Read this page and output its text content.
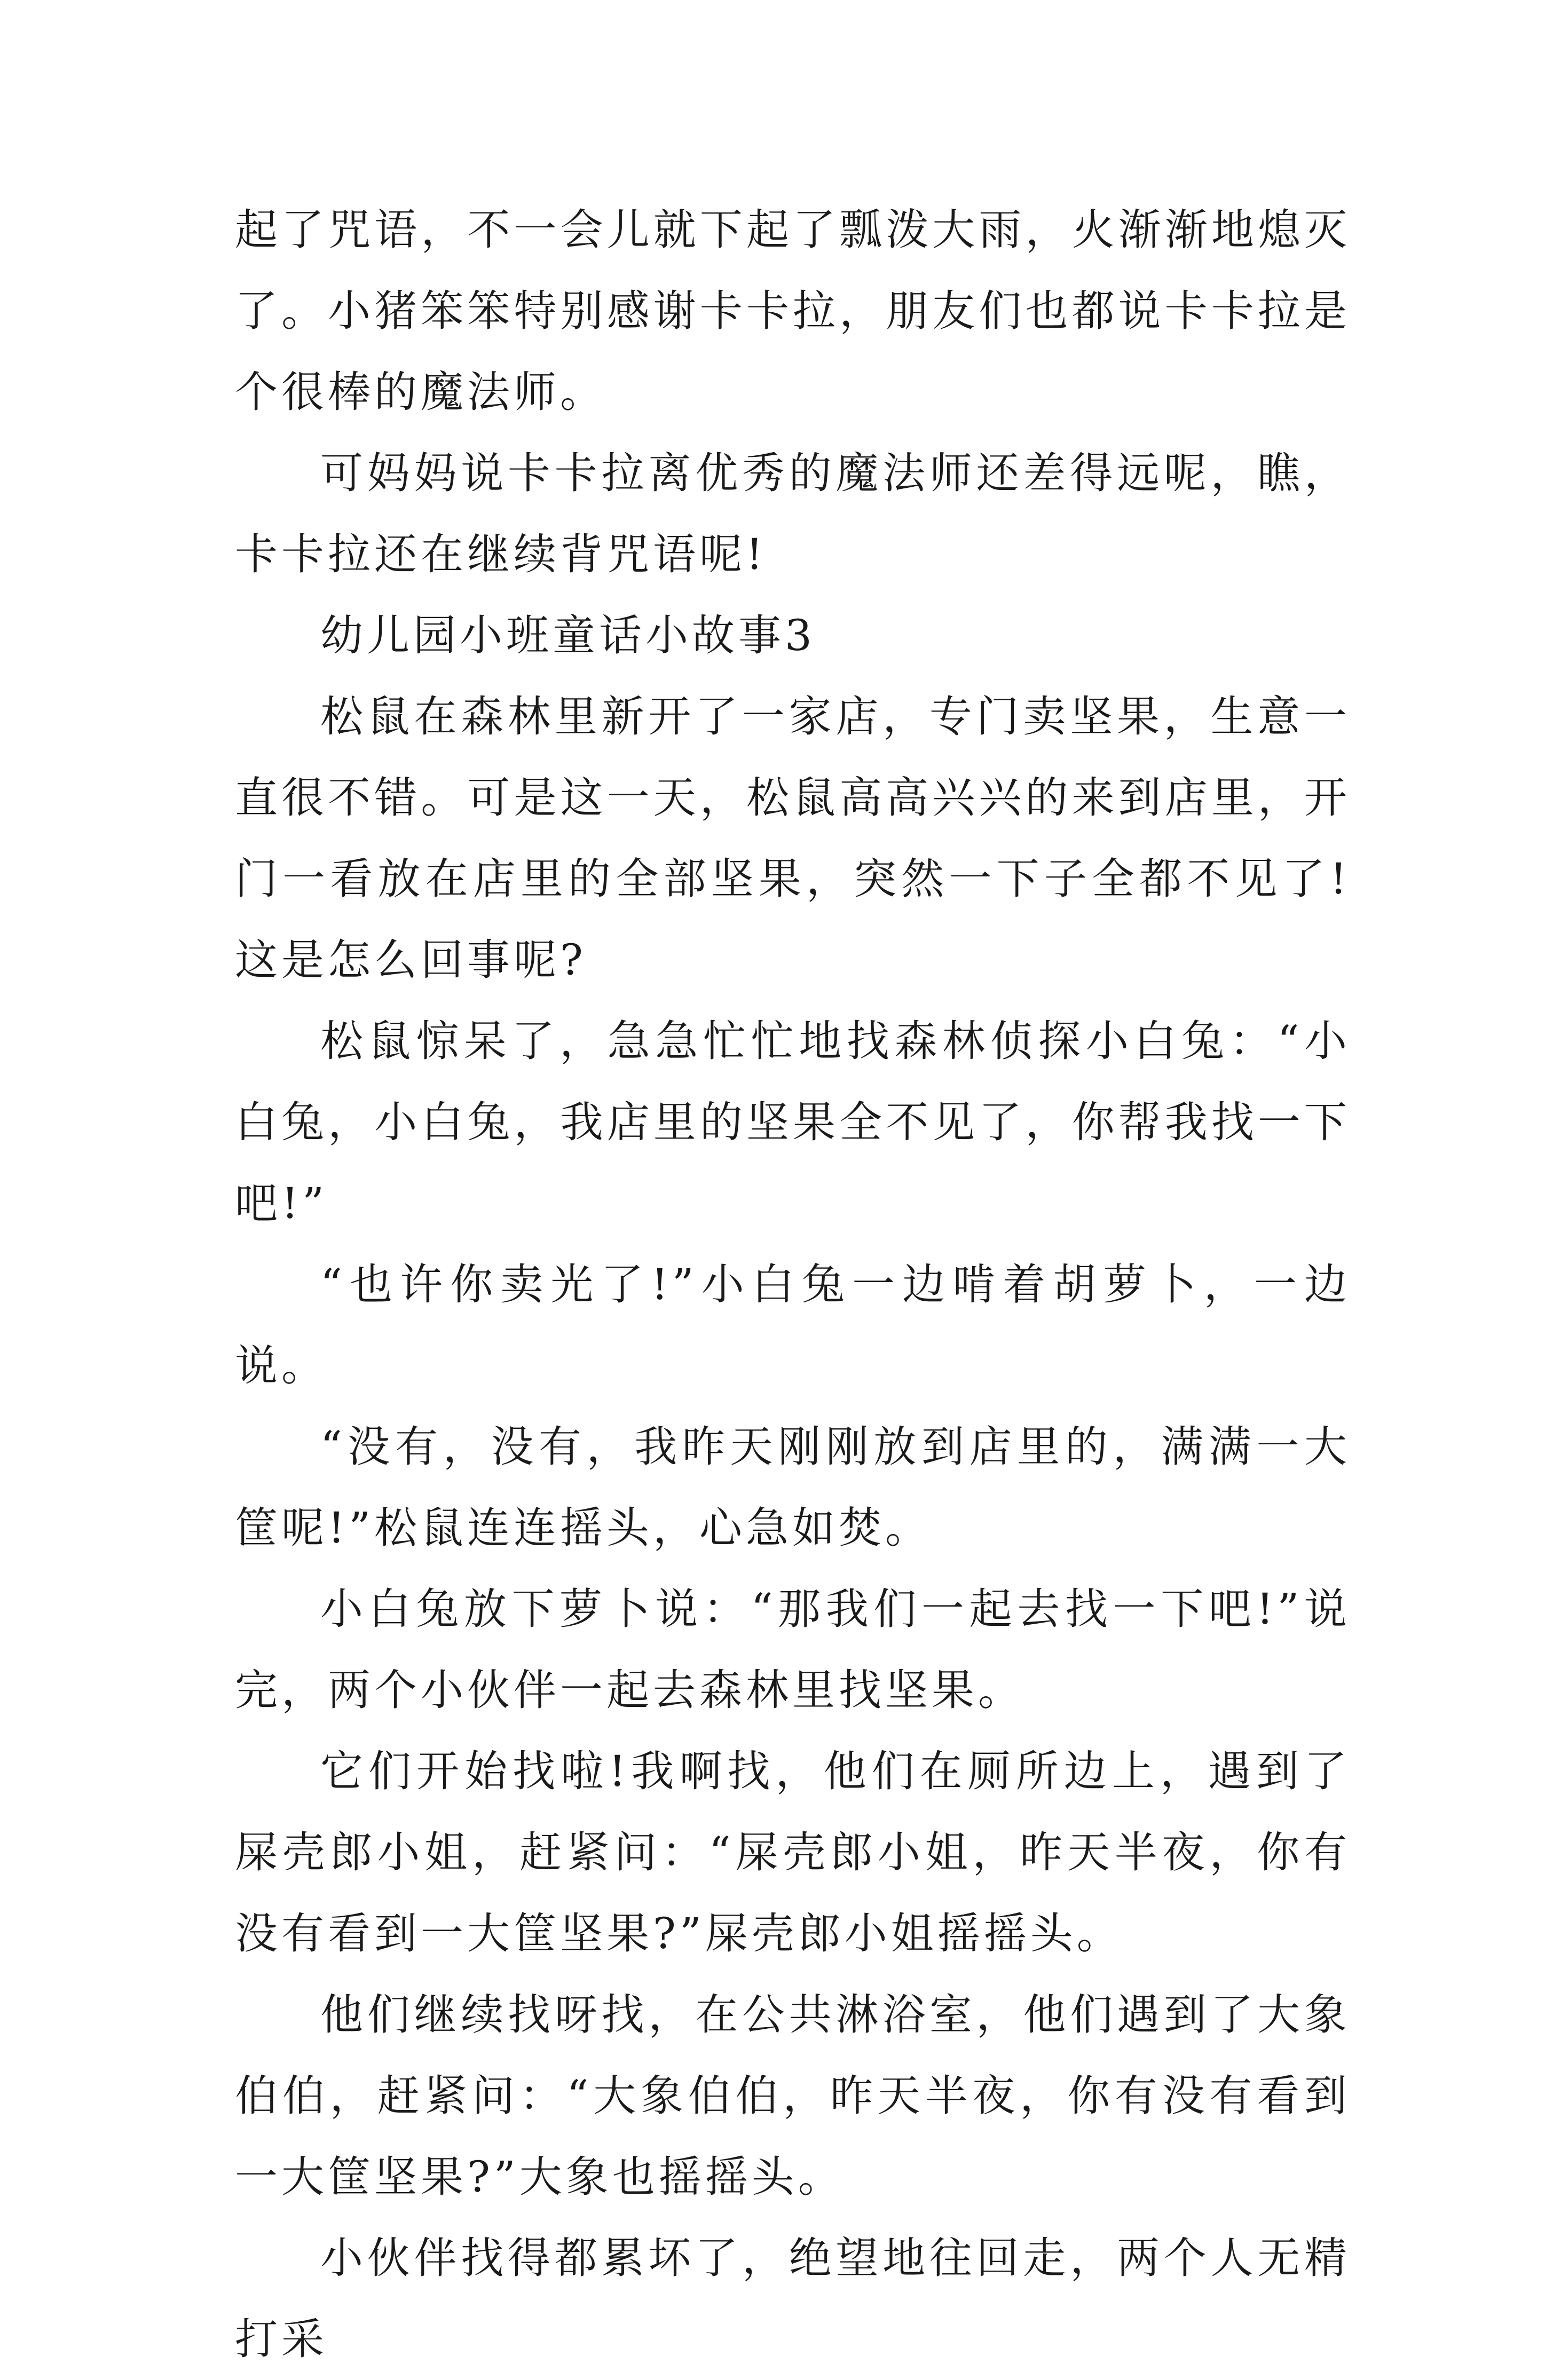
起了咒语，不一会儿就下起了瓢泼大雨，火渐渐地熄灭了。小猪笨笨特别感谢卡卡拉，朋友们也都说卡卡拉是个很棒的魔法师。

可妈妈说卡卡拉离优秀的魔法师还差得远呢，瞧，卡卡拉还在继续背咒语呢!

幼儿园小班童话小故事3

松鼠在森林里新开了一家店，专门卖坚果，生意一直很不错。可是这一天，松鼠高高兴兴的来到店里，开门一看放在店里的全部坚果，突然一下子全都不见了!这是怎么回事呢?

松鼠惊呆了，急急忙忙地找森林侦探小白兔：“小白兔，小白兔，我店里的坚果全不见了，你帮我找一下吧!”

“也许你卖光了!”小白兔一边啃着胡萝卜，一边说。

“没有，没有，我昨天刚刚放到店里的，满满一大筐呢!”松鼠连连摇头，心急如焚。

小白兔放下萝卜说：“那我们一起去找一下吧!”说完，两个小伙伴一起去森林里找坚果。

它们开始找啦!我啊找，他们在厕所边上，遇到了屎壳郎小姐，赶紧问：“屎壳郎小姐，昨天半夜，你有没有看到一大筐坚果?”屎壳郎小姐摇摇头。

他们继续找呀找，在公共淋浴室，他们遇到了大象伯伯，赶紧问：“大象伯伯，昨天半夜，你有没有看到一大筐坚果?”大象也摇摇头。

小伙伴找得都累坏了，绝望地往回走，两个人无精打采
